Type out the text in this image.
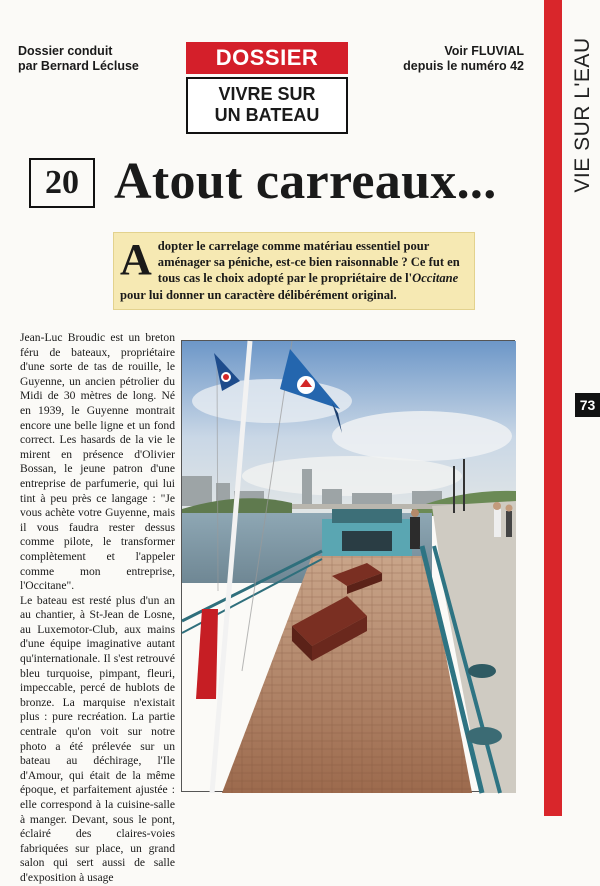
Dossier conduit
par Bernard Lécluse	DOSSIER
VIVRE SUR
UN BATEAU
Voir FLUVIAL
depuis le numéro 42 VIE SUR L'EAU
73
20 Atout carreaux...
Adopter le carrelage comme matériau essentiel pour aménager sa péniche, est-ce bien raisonnable ? Ce fut en tous cas le choix adopté par le propriétaire de l'Occitane pour lui donner un caractère délibérément original.

Jean-Luc Broudic est un breton féru de bateaux, propriétaire d'une sorte de tas de rouille, le Guyenne, un ancien pétrolier du Midi de 30 mètres de long. Né en 1939, le Guyenne montrait encore une belle ligne et un fond correct. Les hasards de la vie le mirent en présence d'Olivier Bossan, le jeune patron d'une entreprise de parfumerie, qui lui tint à peu près ce langage : "Je vous achète votre Guyenne, mais il vous faudra rester dessus comme pilote, le transformer complètement et l'appeler comme mon entreprise, l'Occitane".

Le bateau est resté plus d'un an au chantier, à St-Jean de Losne, au Luxemotor-Club, aux mains d'une équipe imaginative autant qu'internationale. Il s'est retrouvé bleu turquoise, pimpant, fleuri, impeccable, percé de hublots de bronze. La marquise n'existait plus : pure recréation. La partie centrale qu'on voit sur notre photo a été prélevée sur un bateau au déchirage, l'Ile d'Amour, qui était de la même époque, et parfaitement ajustée : elle correspond à la cuisine-salle à manger. Devant, sous le pont, éclairé des claires-voies fabriquées sur place, un grand salon qui sert aussi de salle d'exposition à usage
